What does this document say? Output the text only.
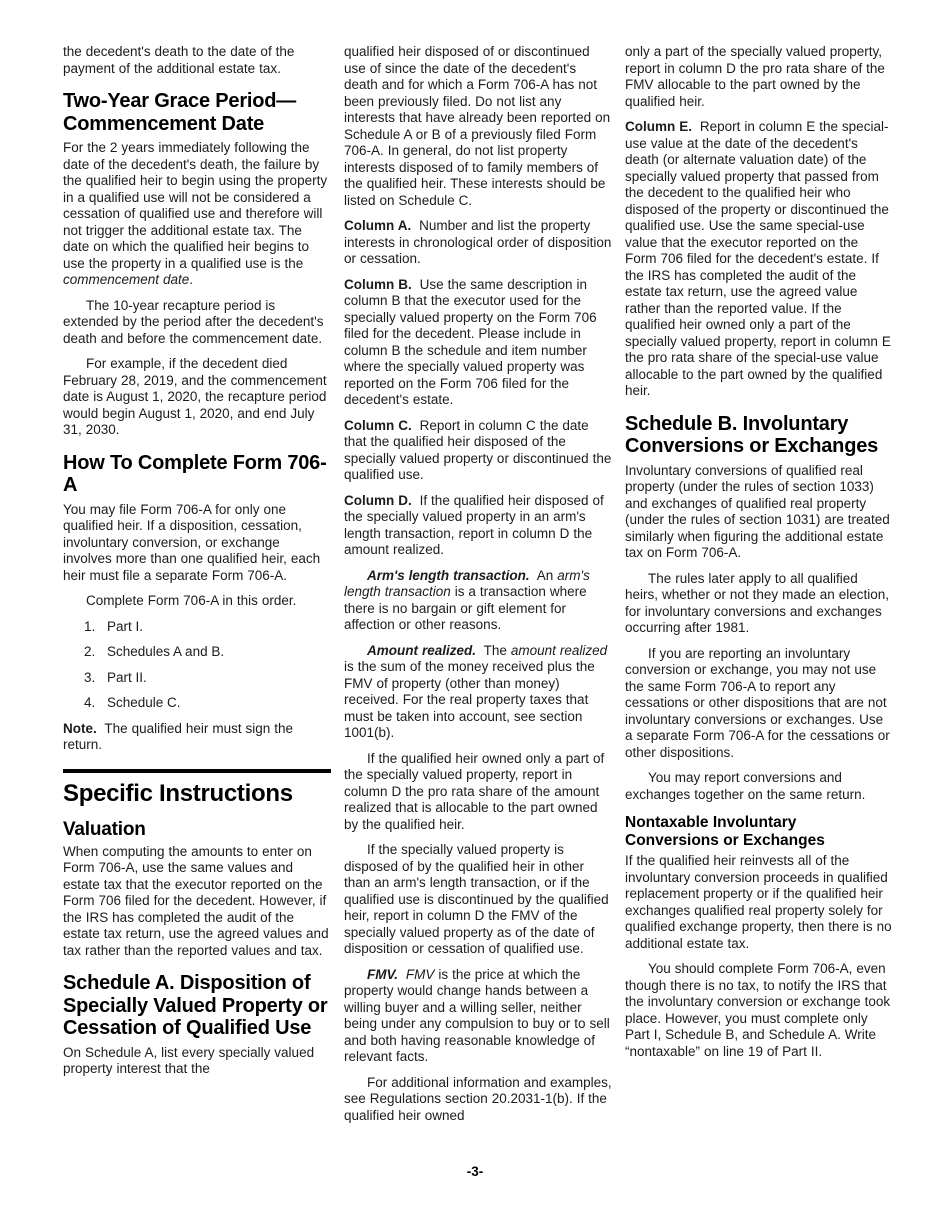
the decedent's death to the date of the payment of the additional estate tax.

Two-Year Grace Period—Commencement Date

For the 2 years immediately following the date of the decedent's death, the failure by the qualified heir to begin using the property in a qualified use will not be considered a cessation of qualified use and therefore will not trigger the additional estate tax. The date on which the qualified heir begins to use the property in a qualified use is the commencement date.

The 10-year recapture period is extended by the period after the decedent's death and before the commencement date.

For example, if the decedent died February 28, 2019, and the commencement date is August 1, 2020, the recapture period would begin August 1, 2020, and end July 31, 2030.

How To Complete Form 706-A

You may file Form 706-A for only one qualified heir. If a disposition, cessation, involuntary conversion, or exchange involves more than one qualified heir, each heir must file a separate Form 706-A.

Complete Form 706-A in this order.

1. Part I.
2. Schedules A and B.
3. Part II.
4. Schedule C.

Note.  The qualified heir must sign the return.

Specific Instructions
Valuation

When computing the amounts to enter on Form 706-A, use the same values and estate tax that the executor reported on the Form 706 filed for the decedent. However, if the IRS has completed the audit of the estate tax return, use the agreed values and tax rather than the reported values and tax.

Schedule A. Disposition of Specially Valued Property or Cessation of Qualified Use

On Schedule A, list every specially valued property interest that the

qualified heir disposed of or discontinued use of since the date of the decedent's death and for which a Form 706-A has not been previously filed. Do not list any interests that have already been reported on Schedule A or B of a previously filed Form 706-A. In general, do not list property interests disposed of to family members of the qualified heir. These interests should be listed on Schedule C.

Column A.  Number and list the property interests in chronological order of disposition or cessation.

Column B.  Use the same description in column B that the executor used for the specially valued property on the Form 706 filed for the decedent. Please include in column B the schedule and item number where the specially valued property was reported on the Form 706 filed for the decedent's estate.

Column C.  Report in column C the date that the qualified heir disposed of the specially valued property or discontinued the qualified use.

Column D.  If the qualified heir disposed of the specially valued property in an arm's length transaction, report in column D the amount realized.

Arm's length transaction.  An arm's length transaction is a transaction where there is no bargain or gift element for affection or other reasons.

Amount realized.  The amount realized is the sum of the money received plus the FMV of property (other than money) received. For the real property taxes that must be taken into account, see section 1001(b).

If the qualified heir owned only a part of the specially valued property, report in column D the pro rata share of the amount realized that is allocable to the part owned by the qualified heir.

If the specially valued property is disposed of by the qualified heir in other than an arm's length transaction, or if the qualified use is discontinued by the qualified heir, report in column D the FMV of the specially valued property as of the date of disposition or cessation of qualified use.

FMV. FMV is the price at which the property would change hands between a willing buyer and a willing seller, neither being under any compulsion to buy or to sell and both having reasonable knowledge of relevant facts.

For additional information and examples, see Regulations section 20.2031-1(b). If the qualified heir owned

only a part of the specially valued property, report in column D the pro rata share of the FMV allocable to the part owned by the qualified heir.

Column E.  Report in column E the special-use value at the date of the decedent's death (or alternate valuation date) of the specially valued property that passed from the decedent to the qualified heir who disposed of the property or discontinued the qualified use. Use the same special-use value that the executor reported on the Form 706 filed for the decedent's estate. If the IRS has completed the audit of the estate tax return, use the agreed value rather than the reported value. If the qualified heir owned only a part of the specially valued property, report in column E the pro rata share of the special-use value allocable to the part owned by the qualified heir.

Schedule B. Involuntary Conversions or Exchanges

Involuntary conversions of qualified real property (under the rules of section 1033) and exchanges of qualified real property (under the rules of section 1031) are treated similarly when figuring the additional estate tax on Form 706-A.

The rules later apply to all qualified heirs, whether or not they made an election, for involuntary conversions and exchanges occurring after 1981.

If you are reporting an involuntary conversion or exchange, you may not use the same Form 706-A to report any cessations or other dispositions that are not involuntary conversions or exchanges. Use a separate Form 706-A for the cessations or other dispositions.

You may report conversions and exchanges together on the same return.

Nontaxable Involuntary Conversions or Exchanges

If the qualified heir reinvests all of the involuntary conversion proceeds in qualified replacement property or if the qualified heir exchanges qualified real property solely for qualified exchange property, then there is no additional estate tax.

You should complete Form 706-A, even though there is no tax, to notify the IRS that the involuntary conversion or exchange took place. However, you must complete only Part I, Schedule B, and Schedule A. Write “nontaxable” on line 19 of Part II.

-3-
